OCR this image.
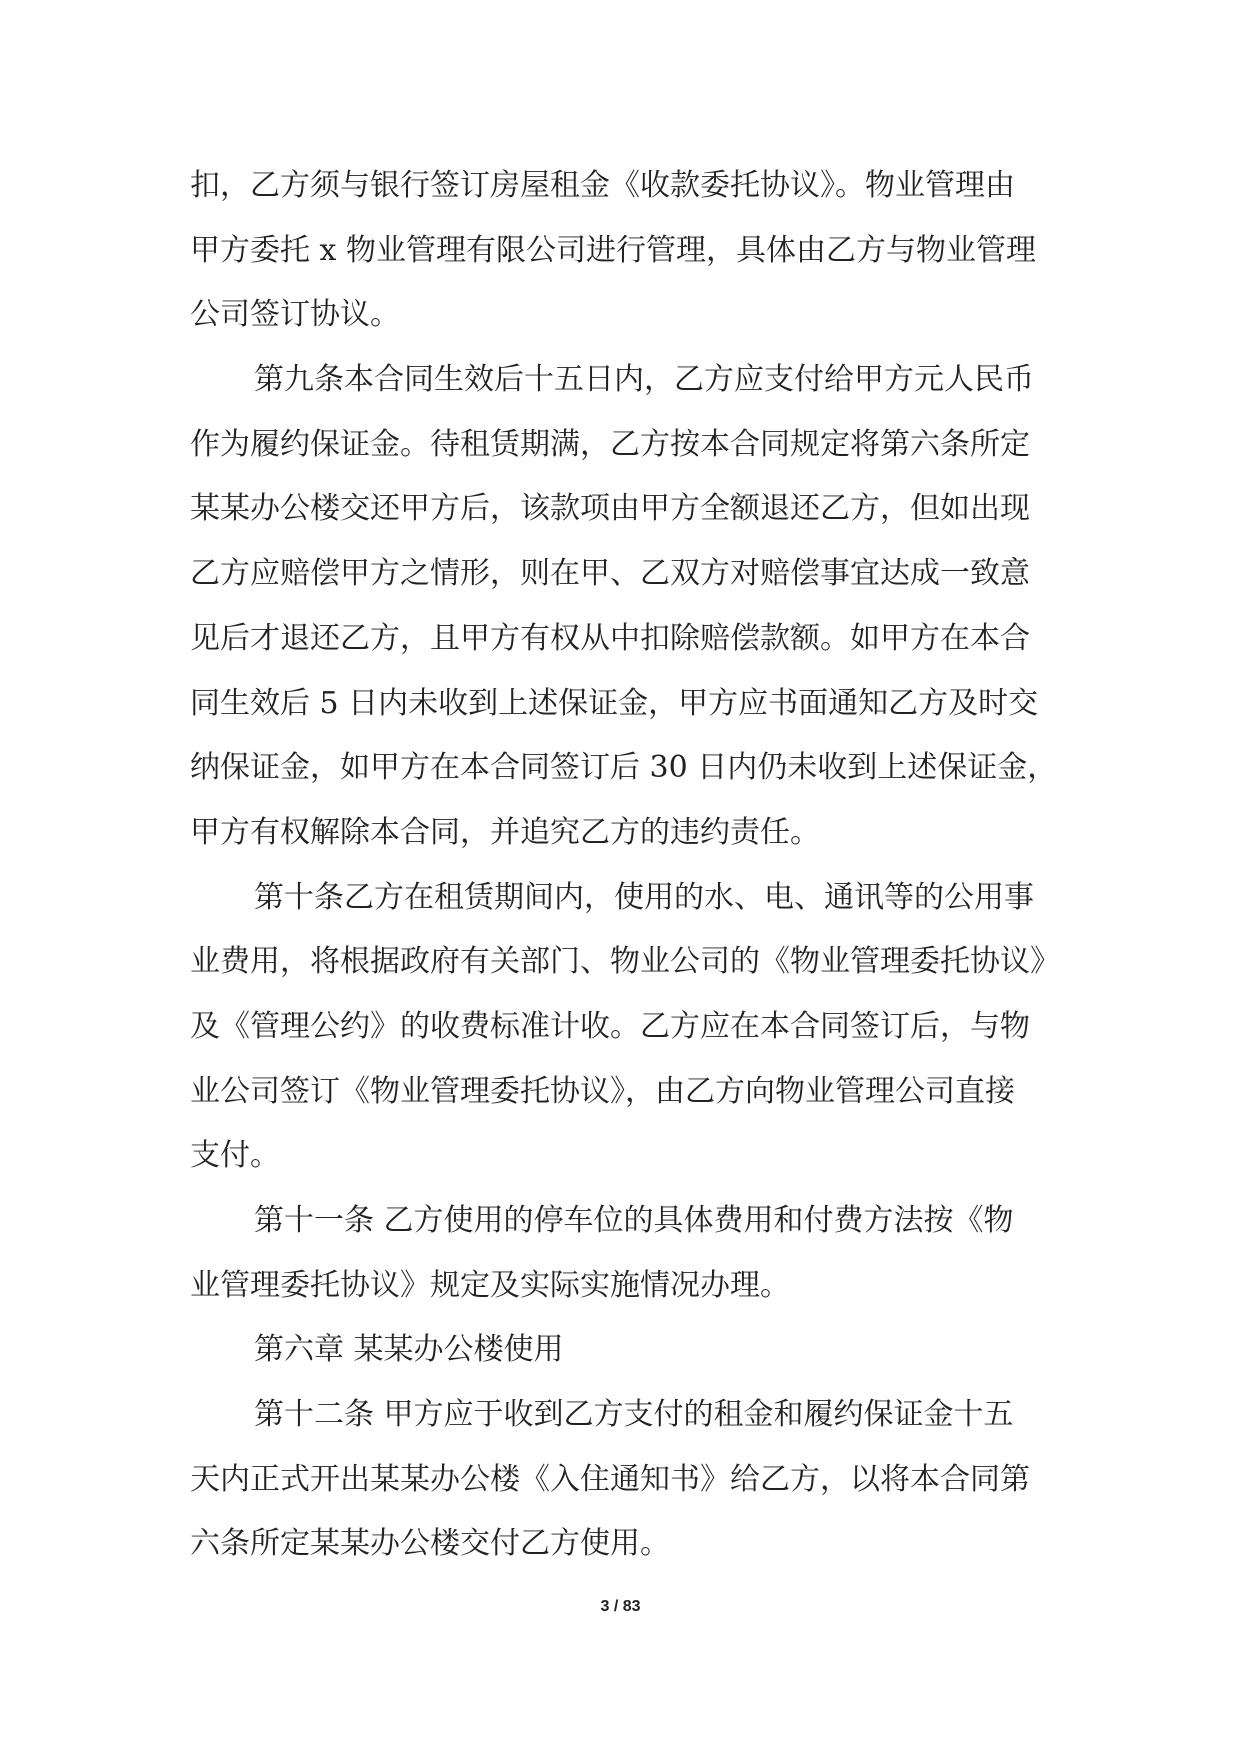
扣，乙方须与银行签订房屋租金《收款委托协议》。物业管理由
甲方委托 x 物业管理有限公司进行管理，具体由乙方与物业管理
公司签订协议。
第九条本合同生效后十五日内，乙方应支付给甲方元人民币
作为履约保证金。待租赁期满，乙方按本合同规定将第六条所定
某某办公楼交还甲方后，该款项由甲方全额退还乙方，但如出现
乙方应赔偿甲方之情形，则在甲、乙双方对赔偿事宜达成一致意
见后才退还乙方，且甲方有权从中扣除赔偿款额。如甲方在本合
同生效后 5 日内未收到上述保证金，甲方应书面通知乙方及时交
纳保证金，如甲方在本合同签订后 30 日内仍未收到上述保证金，
甲方有权解除本合同，并追究乙方的违约责任。
第十条乙方在租赁期间内，使用的水、电、通讯等的公用事
业费用，将根据政府有关部门、物业公司的《物业管理委托协议》
及《管理公约》的收费标准计收。乙方应在本合同签订后，与物
业公司签订《物业管理委托协议》，由乙方向物业管理公司直接
支付。
第十一条 乙方使用的停车位的具体费用和付费方法按《物
业管理委托协议》规定及实际实施情况办理。
第六章 某某办公楼使用
第十二条 甲方应于收到乙方支付的租金和履约保证金十五
天内正式开出某某办公楼《入住通知书》给乙方，以将本合同第
六条所定某某办公楼交付乙方使用。
3 / 83
